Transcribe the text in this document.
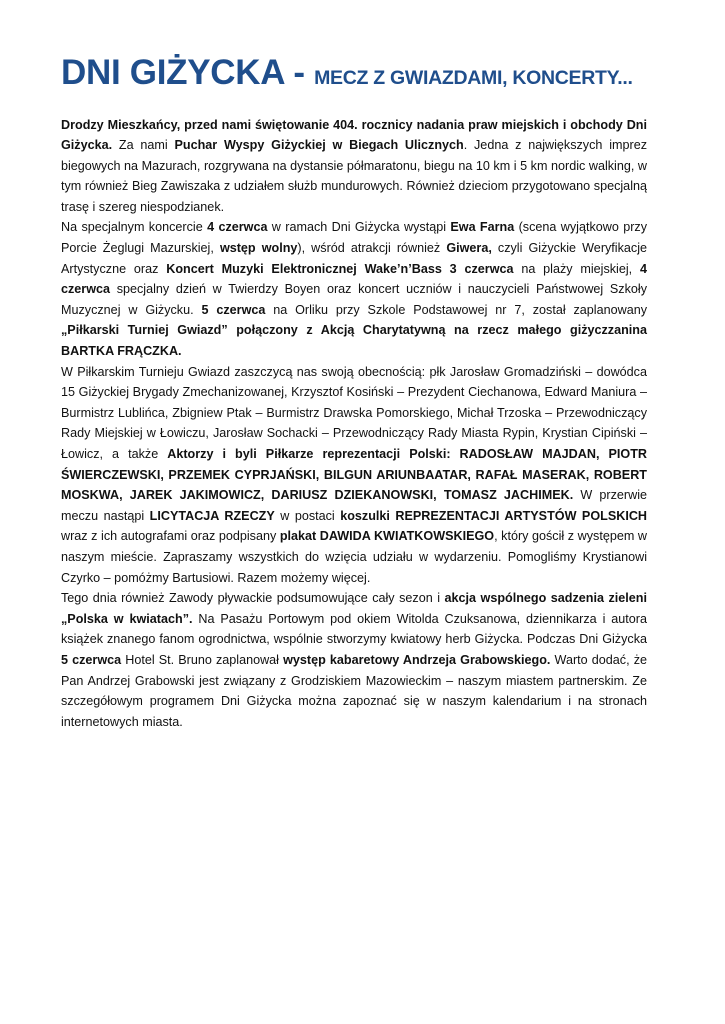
DNI GIŻYCKA - MECZ Z GWIAZDAMI, KONCERTY...

Drodzy Mieszkańcy, przed nami świętowanie 404. rocznicy nadania praw miejskich i obchody Dni Giżycka. Za nami Puchar Wyspy Giżyckiej w Biegach Ulicznych. Jedna z największych imprez biegowych na Mazurach, rozgrywana na dystansie półmaratonu, biegu na 10 km i 5 km nordic walking, w tym również Bieg Zawiszaka z udziałem służb mundurowych. Również dzieciom przygotowano specjalną trasę i szereg niespodzianek.

Na specjalnym koncercie 4 czerwca w ramach Dni Giżycka wystąpi Ewa Farna (scena wyjątkowo przy Porcie Żeglugi Mazurskiej, wstęp wolny), wśród atrakcji również Giwera, czyli Giżyckie Weryfikacje Artystyczne oraz Koncert Muzyki Elektronicznej Wake’n’Bass 3 czerwca na plaży miejskiej, 4 czerwca specjalny dzień w Twierdzy Boyen oraz koncert uczniów i nauczycieli Państwowej Szkoły Muzycznej w Giżycku. 5 czerwca na Orliku przy Szkole Podstawowej nr 7, został zaplanowany „Piłkarski Turniej Gwiazd” połączony z Akcją Charytatywną na rzecz małego giżyczzanina BARTKA FRĄCZKA.

W Piłkarskim Turnieju Gwiazd zaszczycą nas swoją obecnością: płk Jarosław Gromadziński – dowódca 15 Giżyckiej Brygady Zmechanizowanej, Krzysztof Kosiński – Prezydent Ciechanowa, Edward Maniura – Burmistrz Lublińca, Zbigniew Ptak – Burmistrz Drawska Pomorskiego, Michał Trzoska – Przewodniczący Rady Miejskiej w Łowiczu, Jarosław Sochacki – Przewodniczący Rady Miasta Rypin, Krystian Cipiński – Łowicz, a także Aktorzy i byli Piłkarze reprezentacji Polski: RADOSŁAW MAJDAN, PIOTR ŚWIERCZEWSKI, PRZEMEK CYPRJAŃSKI, BILGUN ARIUNBAATAR, RAFAŁ MASERAK, ROBERT MOSKWA, JAREK JAKIMOWICZ, DARIUSZ DZIEKANOWSKI, TOMASZ JACHIMEK. W przerwie meczu nastąpi LICYTACJA RZECZY w postaci koszulki REPREZENTACJI ARTYSTÓW POLSKICH wraz z ich autografami oraz podpisany plakat DAWIDA KWIATKOWSKIEGO, który gościł z występem w naszym mieście. Zapraszamy wszystkich do wzięcia udziału w wydarzeniu. Pomogliśmy Krystianowi Czyrko – pomóżmy Bartusiowi. Razem możemy więcej.

Tego dnia również Zawody pływackie podsumowujące cały sezon i akcja wspólnego sadzenia zieleni „Polska w kwiatach”. Na Pasażu Portowym pod okiem Witolda Czuksanowa, dziennikarza i autora książek znanego fanom ogrodnictwa, wspólnie stworzymy kwiatowy herb Giżycka. Podczas Dni Giżycka 5 czerwca Hotel St. Bruno zaplanował występ kabaretowy Andrzeja Grabowskiego. Warto dodać, że Pan Andrzej Grabowski jest związany z Grodziskiem Mazowieckim – naszym miastem partnerskim. Ze szczegółowym programem Dni Giżycka można zapoznać się w naszym kalendarium i na stronach internetowych miasta.
